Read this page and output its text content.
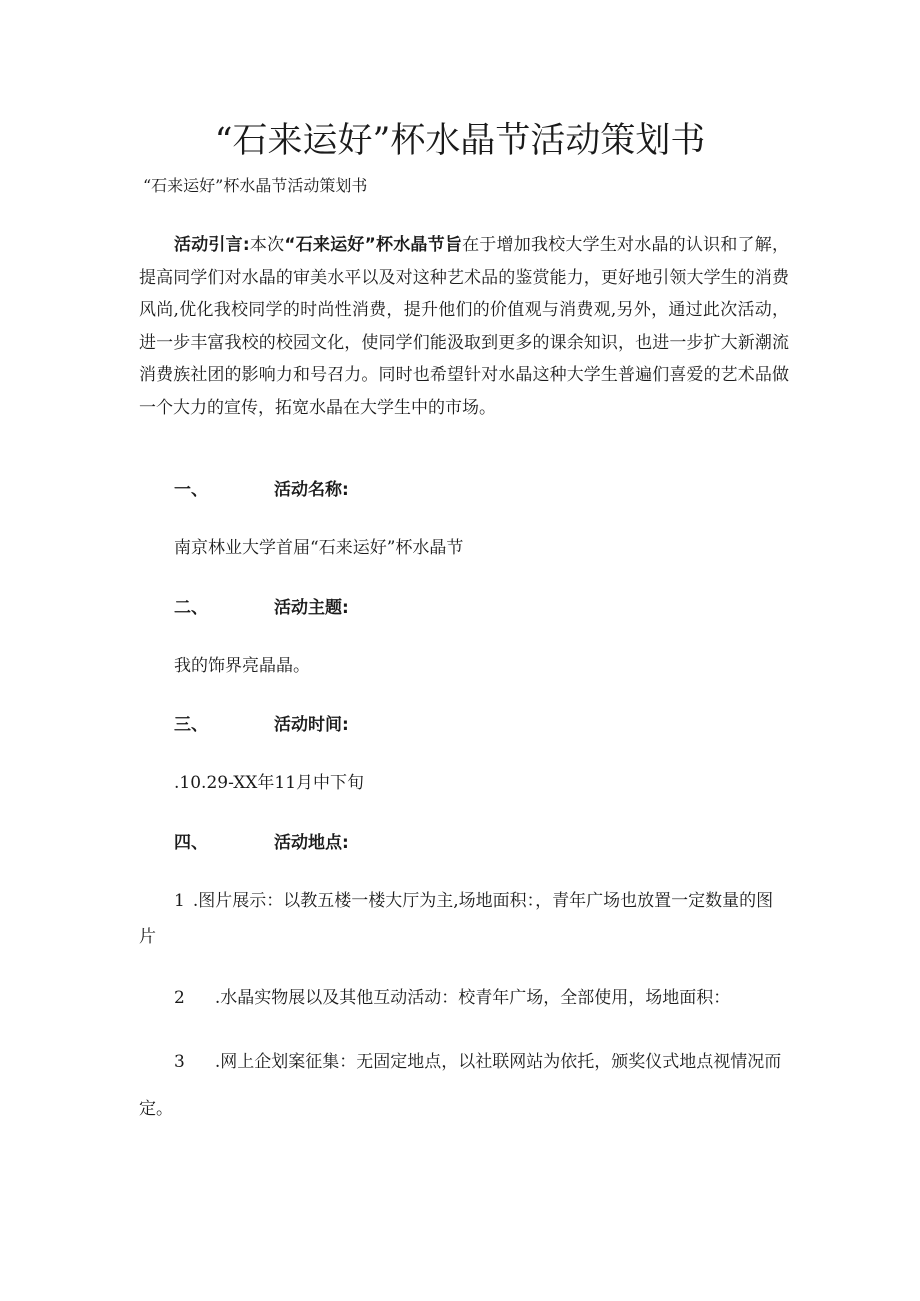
“石来运好”杯水晶节活动策划书

“石来运好”杯水晶节活动策划书

活动引言:本次“石来运好”杯水晶节旨在于增加我校大学生对水晶的认识和了解，提高同学们对水晶的审美水平以及对这种艺术品的鉴赏能力，更好地引领大学生的消费风尚,优化我校同学的时尚性消费，提升他们的价值观与消费观,另外，通过此次活动，进一步丰富我校的校园文化，使同学们能汲取到更多的课余知识，也进一步扩大新潮流消费族社团的影响力和号召力。同时也希望针对水晶这种大学生普遍们喜爱的艺术品做一个大力的宣传，拓宽水晶在大学生中的市场。

一、	活动名称:

南京林业大学首届“石来运好”杯水晶节

二、	活动主题:

我的饰界亮晶晶。

三、	活动时间:

.10.29-XX年11月中下旬

四、	活动地点:

1 .图片展示：以教五楼一楼大厅为主,场地面积：，青年广场也放置一定数量的图片

2 .水晶实物展以及其他互动活动：校青年广场，全部使用，场地面积：

3 .网上企划案征集：无固定地点，以社联网站为依托，颁奖仪式地点视情况而定。
